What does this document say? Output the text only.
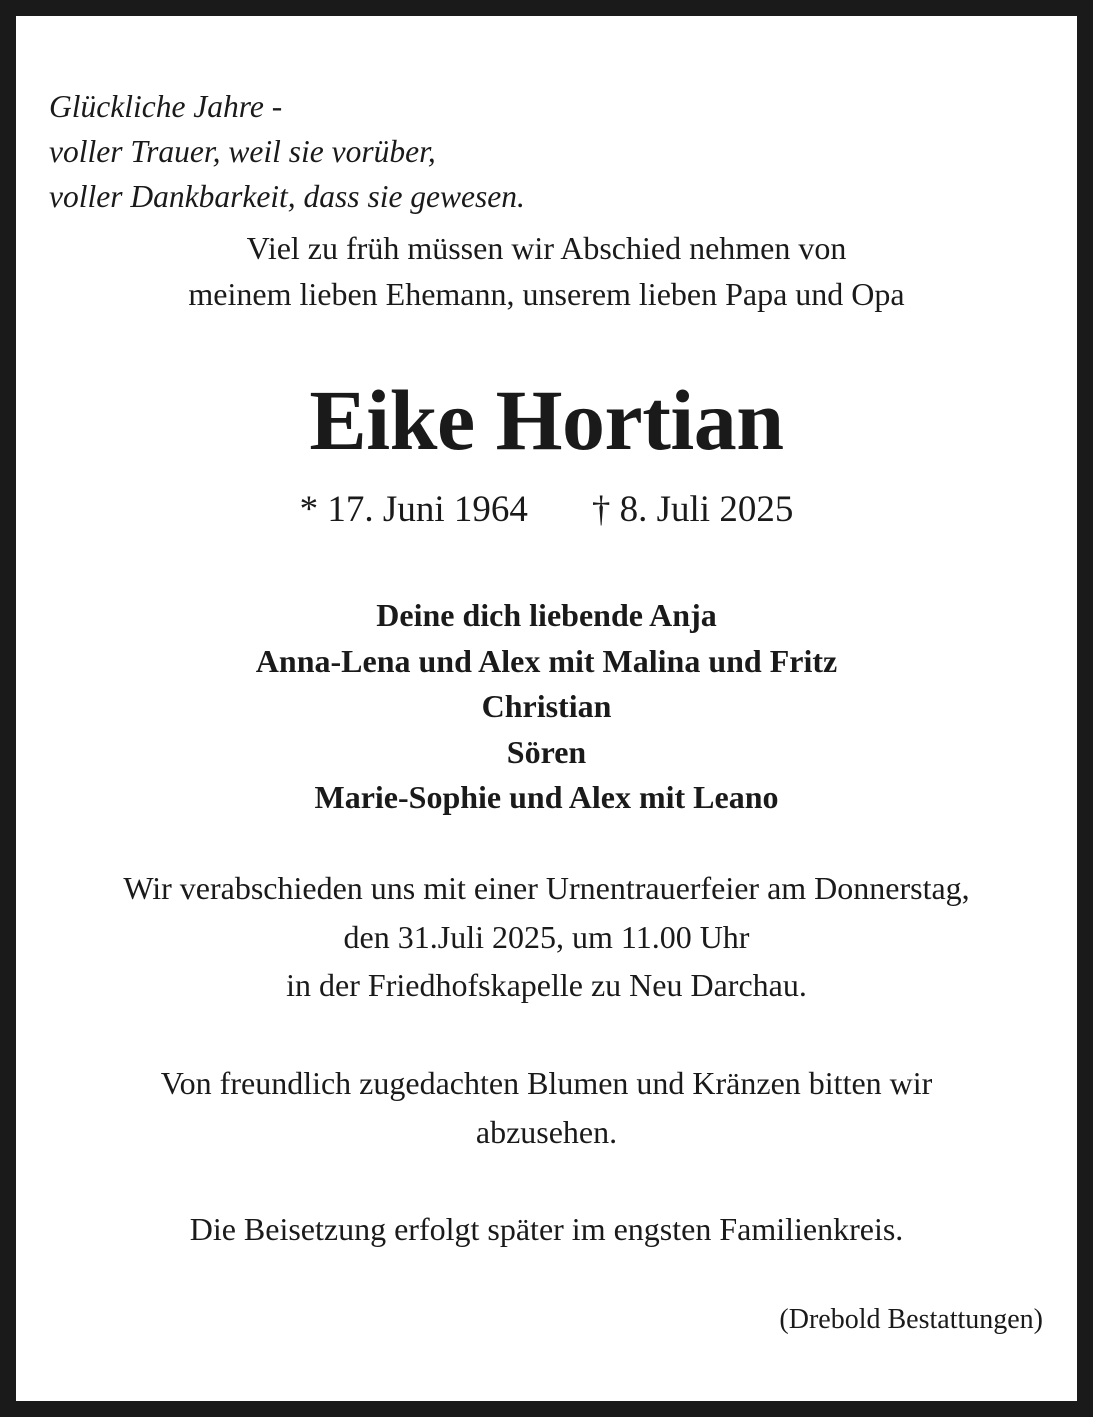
Glückliche Jahre -
voller Trauer, weil sie vorüber,
voller Dankbarkeit, dass sie gewesen.
Viel zu früh müssen wir Abschied nehmen von
meinem lieben Ehemann, unserem lieben Papa und Opa
Eike Hortian
* 17. Juni 1964 † 8. Juli 2025
Deine dich liebende Anja
Anna-Lena und Alex mit Malina und Fritz
Christian
Sören
Marie-Sophie und Alex mit Leano
Wir verabschieden uns mit einer Urnentrauerfeier am Donnerstag,
den 31.Juli 2025, um 11.00 Uhr
in der Friedhofskapelle zu Neu Darchau.
Von freundlich zugedachten Blumen und Kränzen bitten wir
abzusehen.
Die Beisetzung erfolgt später im engsten Familienkreis.
(Drebold Bestattungen)
